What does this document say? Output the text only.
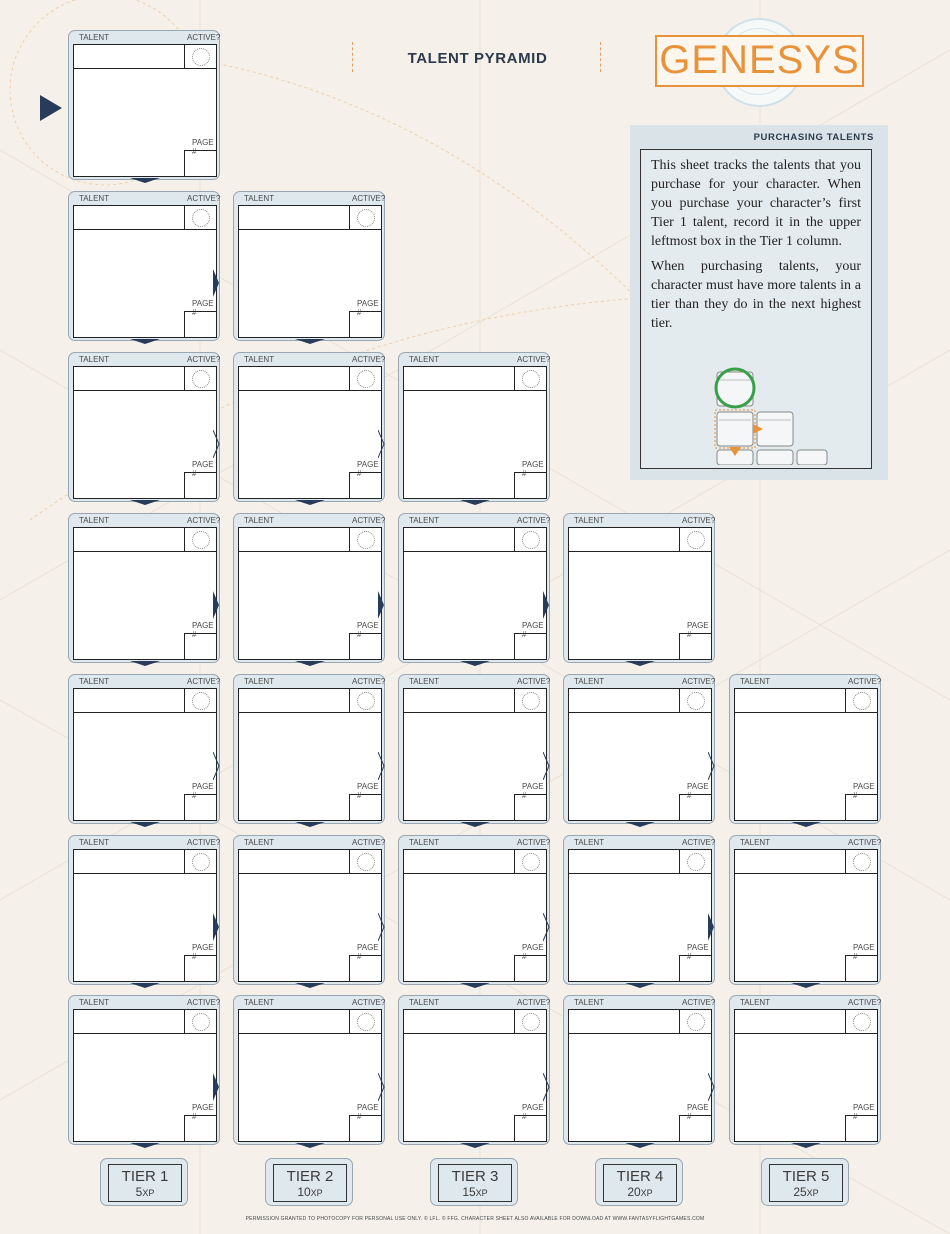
TALENT PYRAMID	GENESYS
PURCHASING TALENTS

This sheet tracks the talents that you purchase for your character. When you purchase your character’s first Tier 1 talent, record it in the upper leftmost box in the Tier 1 column.

When purchasing talents, your character must have more talents in a tier than they do in the next highest tier.

TALENT	ACTIVE?
PAGE #
TALENT	ACTIVE?
PAGE #
TALENT	ACTIVE?
PAGE #
TALENT	ACTIVE?
PAGE #
TALENT	ACTIVE?
PAGE #
TALENT	ACTIVE?
PAGE #
TALENT	ACTIVE?
PAGE #
TALENT	ACTIVE?
PAGE #
TALENT	ACTIVE?
PAGE #
TALENT	ACTIVE?
PAGE #
TALENT	ACTIVE?
PAGE #
TALENT	ACTIVE?
PAGE #
TALENT	ACTIVE?
PAGE #
TALENT	ACTIVE?
PAGE #
TALENT	ACTIVE?
PAGE #
TALENT	ACTIVE?
PAGE #
TALENT	ACTIVE?
PAGE #
TALENT	ACTIVE?
PAGE #
TALENT	ACTIVE?
PAGE #
TALENT	ACTIVE?
PAGE #
TALENT	ACTIVE?
PAGE #
TALENT	ACTIVE?
PAGE #
TALENT	ACTIVE?
PAGE #
TALENT	ACTIVE?
PAGE #
TALENT	ACTIVE?
PAGE #
TIER 1
5XP
TIER 2
10XP
TIER 3
15XP
TIER 4
20XP
TIER 5
25XP
PERMISSION GRANTED TO PHOTOCOPY FOR PERSONAL USE ONLY. © LFL. © FFG. CHARACTER SHEET ALSO AVAILABLE FOR DOWNLOAD AT WWW.FANTASYFLIGHTGAMES.COM
